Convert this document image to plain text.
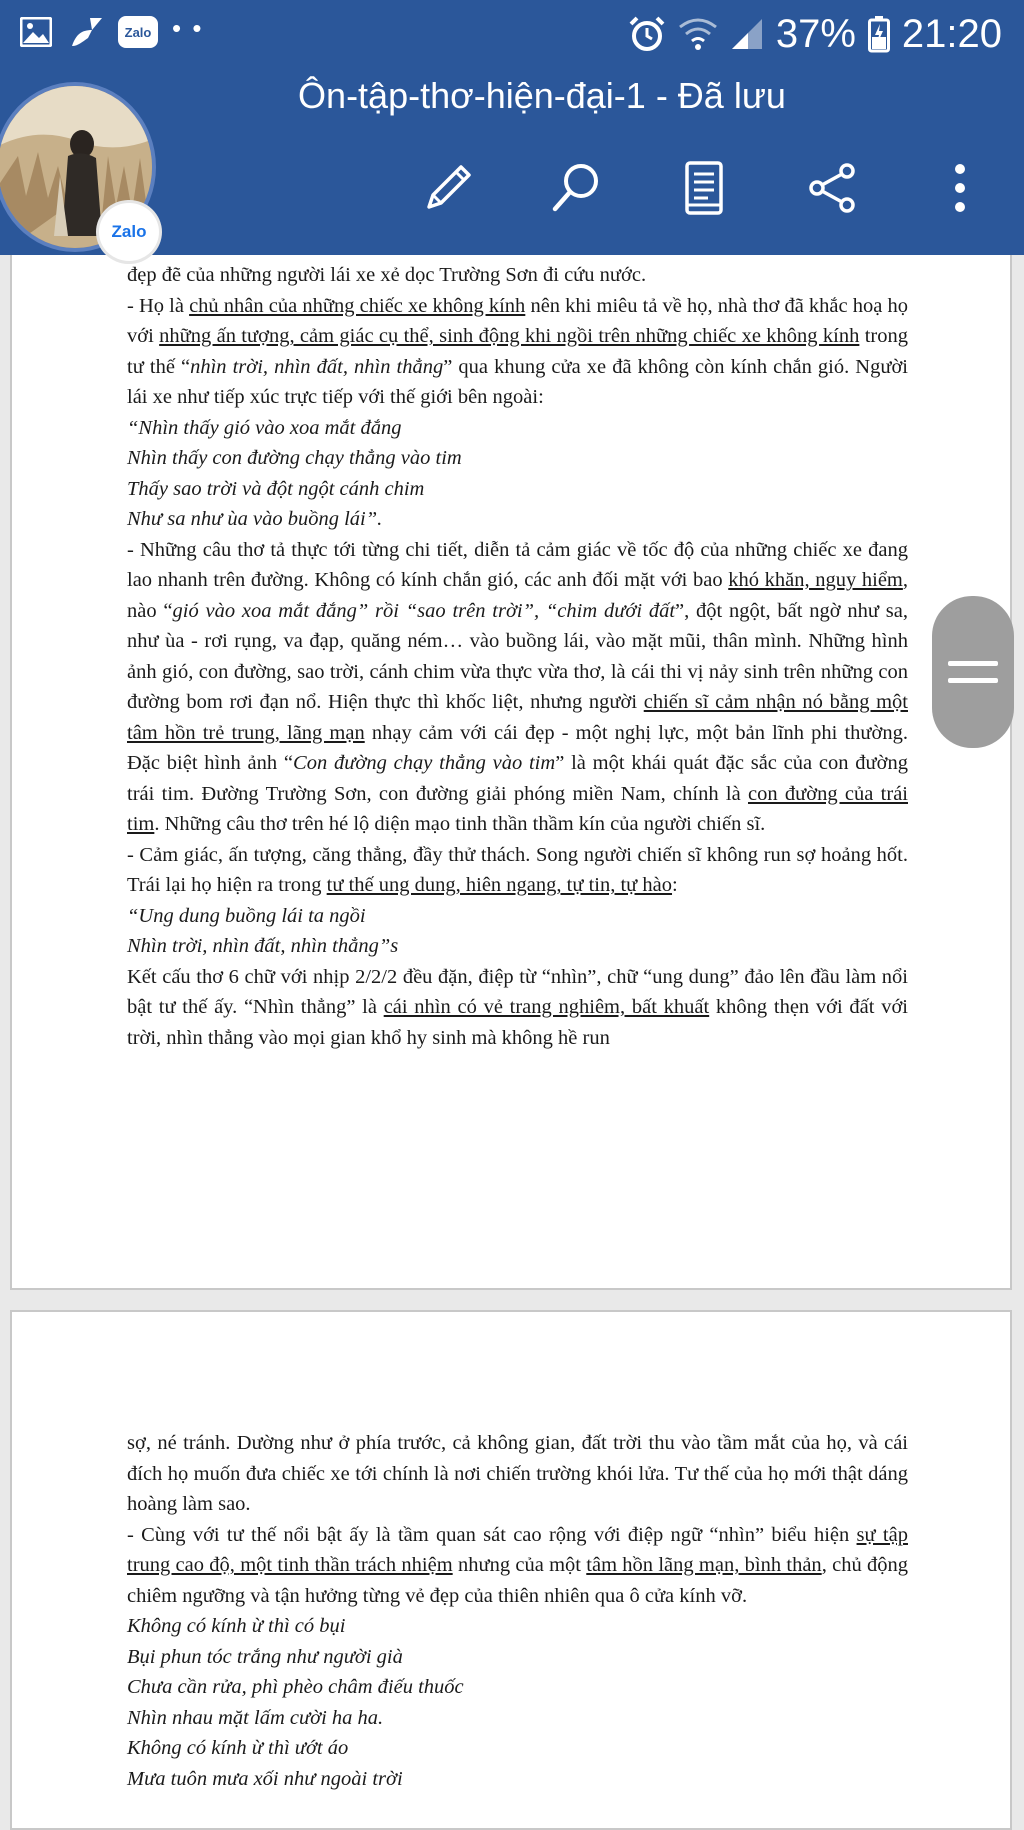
Zalo • •	37% 21:20
Ôn-tập-thơ-hiện-đại-1 - Đã lưu
Zalo

đẹp đẽ của những người lái xe xẻ dọc Trường Sơn đi cứu nước.

- Họ là chủ nhân của những chiếc xe không kính nên khi miêu tả về họ, nhà thơ đã khắc hoạ họ với những ấn tượng, cảm giác cụ thể, sinh động khi ngồi trên những chiếc xe không kính trong tư thế “nhìn trời, nhìn đất, nhìn thẳng” qua khung cửa xe đã không còn kính chắn gió. Người lái xe như tiếp xúc trực tiếp với thế giới bên ngoài:

“Nhìn thấy gió vào xoa mắt đắng

Nhìn thấy con đường chạy thẳng vào tim

Thấy sao trời và đột ngột cánh chim

Như sa như ùa vào buồng lái”.

- Những câu thơ tả thực tới từng chi tiết, diễn tả cảm giác về tốc độ của những chiếc xe đang lao nhanh trên đường. Không có kính chắn gió, các anh đối mặt với bao khó khăn, nguy hiểm, nào “gió vào xoa mắt đắng” rồi “sao trên trời”, “chim dưới đất”, đột ngột, bất ngờ như sa, như ùa - rơi rụng, va đạp, quăng ném… vào buồng lái, vào mặt mũi, thân mình. Những hình ảnh gió, con đường, sao trời, cánh chim vừa thực vừa thơ, là cái thi vị nảy sinh trên những con đường bom rơi đạn nổ. Hiện thực thì khốc liệt, nhưng người chiến sĩ cảm nhận nó bằng một tâm hồn trẻ trung, lãng mạn nhạy cảm với cái đẹp - một nghị lực, một bản lĩnh phi thường. Đặc biệt hình ảnh “Con đường chạy thẳng vào tim” là một khái quát đặc sắc của con đường trái tim. Đường Trường Sơn, con đường giải phóng miền Nam, chính là con đường của trái tim. Những câu thơ trên hé lộ diện mạo tinh thần thầm kín của người chiến sĩ.

- Cảm giác, ấn tượng, căng thẳng, đầy thử thách. Song người chiến sĩ không run sợ hoảng hốt. Trái lại họ hiện ra trong tư thế ung dung, hiên ngang, tự tin, tự hào:

“Ung dung buồng lái ta ngồi

Nhìn trời, nhìn đất, nhìn thẳng”s

Kết cấu thơ 6 chữ với nhịp 2/2/2 đều đặn, điệp từ “nhìn”, chữ “ung dung” đảo lên đầu làm nổi bật tư thế ấy. “Nhìn thẳng” là cái nhìn có vẻ trang nghiêm, bất khuất không thẹn với đất với trời, nhìn thẳng vào mọi gian khổ hy sinh mà không hề run

sợ, né tránh. Dường như ở phía trước, cả không gian, đất trời thu vào tầm mắt của họ, và cái đích họ muốn đưa chiếc xe tới chính là nơi chiến trường khói lửa. Tư thế của họ mới thật dáng hoàng làm sao.

- Cùng với tư thế nổi bật ấy là tầm quan sát cao rộng với điệp ngữ “nhìn” biểu hiện sự tập trung cao độ, một tinh thần trách nhiệm nhưng của một tâm hồn lãng mạn, bình thản, chủ động chiêm ngưỡng và tận hưởng từng vẻ đẹp của thiên nhiên qua ô cửa kính vỡ.

Không có kính ừ thì có bụi

Bụi phun tóc trắng như người già

Chưa cần rửa, phì phèo châm điếu thuốc

Nhìn nhau mặt lấm cười ha ha.

Không có kính ừ thì ướt áo

Mưa tuôn mưa xối như ngoài trời
